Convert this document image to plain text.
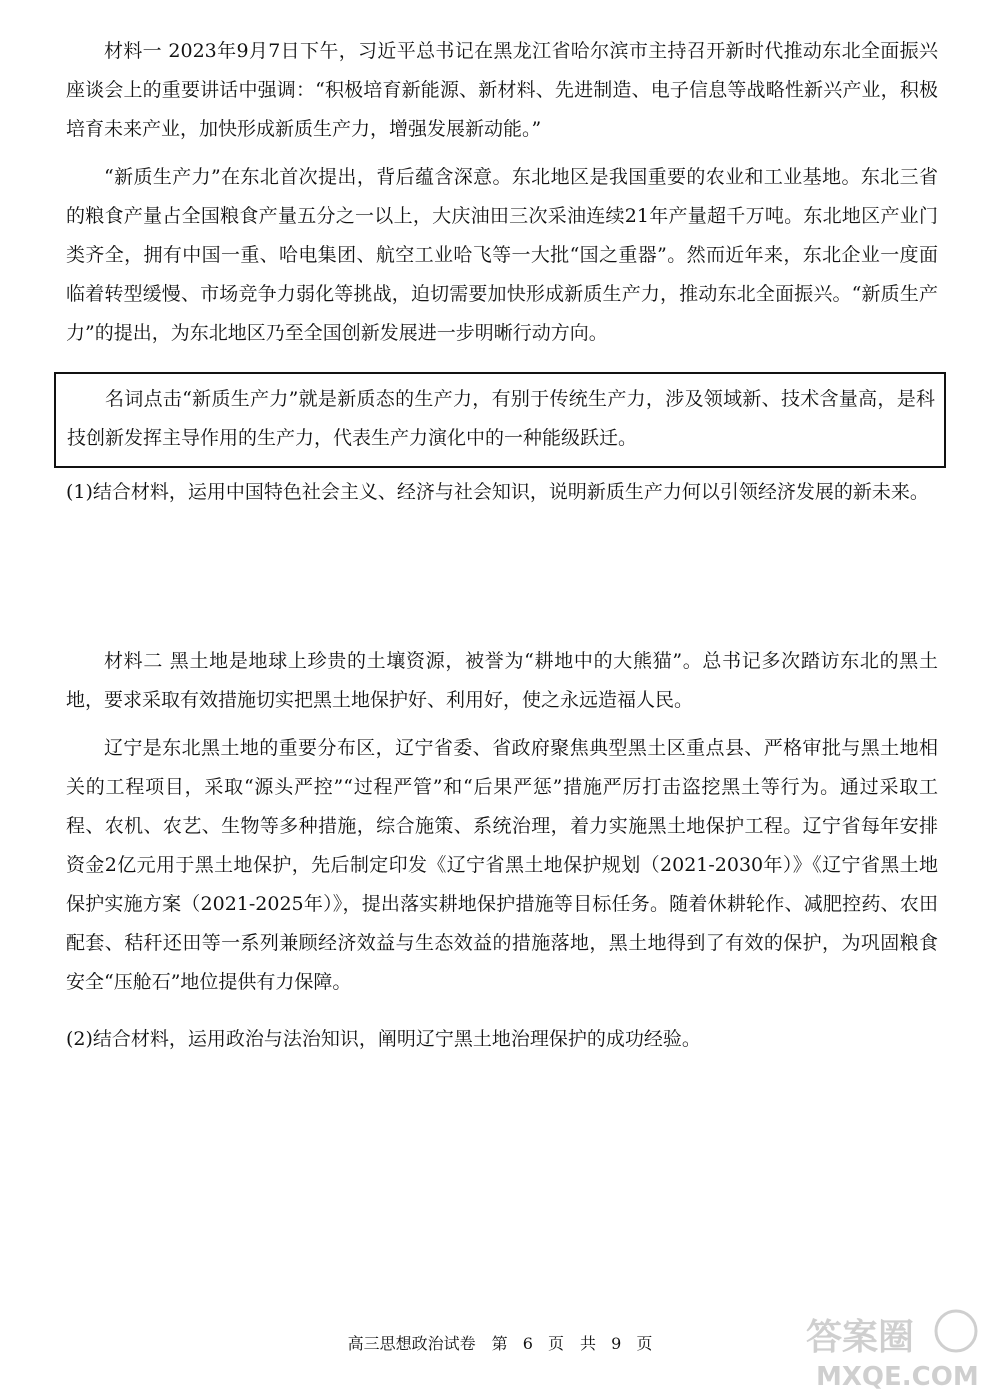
材料一 2023年9月7日下午，习近平总书记在黑龙江省哈尔滨市主持召开新时代推动东北全面振兴座谈会上的重要讲话中强调：“积极培育新能源、新材料、先进制造、电子信息等战略性新兴产业，积极培育未来产业，加快形成新质生产力，增强发展新动能。”
“新质生产力”在东北首次提出，背后蕴含深意。东北地区是我国重要的农业和工业基地。东北三省的粮食产量占全国粮食产量五分之一以上，大庆油田三次采油连续21年产量超千万吨。东北地区产业门类齐全，拥有中国一重、哈电集团、航空工业哈飞等一大批“国之重器”。然而近年来，东北企业一度面临着转型缓慢、市场竞争力弱化等挑战，迫切需要加快形成新质生产力，推动东北全面振兴。“新质生产力”的提出，为东北地区乃至全国创新发展进一步明晰行动方向。
名词点击“新质生产力”就是新质态的生产力，有别于传统生产力，涉及领域新、技术含量高，是科技创新发挥主导作用的生产力，代表生产力演化中的一种能级跃迁。
(1)结合材料，运用中国特色社会主义、经济与社会知识，说明新质生产力何以引领经济发展的新未来。
材料二 黑土地是地球上珍贵的土壤资源，被誉为“耕地中的大熊猫”。总书记多次踏访东北的黑土地，要求采取有效措施切实把黑土地保护好、利用好，使之永远造福人民。
辽宁是东北黑土地的重要分布区，辽宁省委、省政府聚焦典型黑土区重点县、严格审批与黑土地相关的工程项目，采取“源头严控”“过程严管”和“后果严惩”措施严厉打击盗挖黑土等行为。通过采取工程、农机、农艺、生物等多种措施，综合施策、系统治理，着力实施黑土地保护工程。辽宁省每年安排资金2亿元用于黑土地保护，先后制定印发《辽宁省黑土地保护规划（2021-2030年）》《辽宁省黑土地保护实施方案（2021-2025年）》，提出落实耕地保护措施等目标任务。随着休耕轮作、减肥控药、农田配套、秸秆还田等一系列兼顾经济效益与生态效益的措施落地，黑土地得到了有效的保护，为巩固粮食安全“压舱石”地位提供有力保障。
(2)结合材料，运用政治与法治知识，阐明辽宁黑土地治理保护的成功经验。
高三思想政治试卷　第 6 页　共 9 页	答案圈
MXQE.COM
